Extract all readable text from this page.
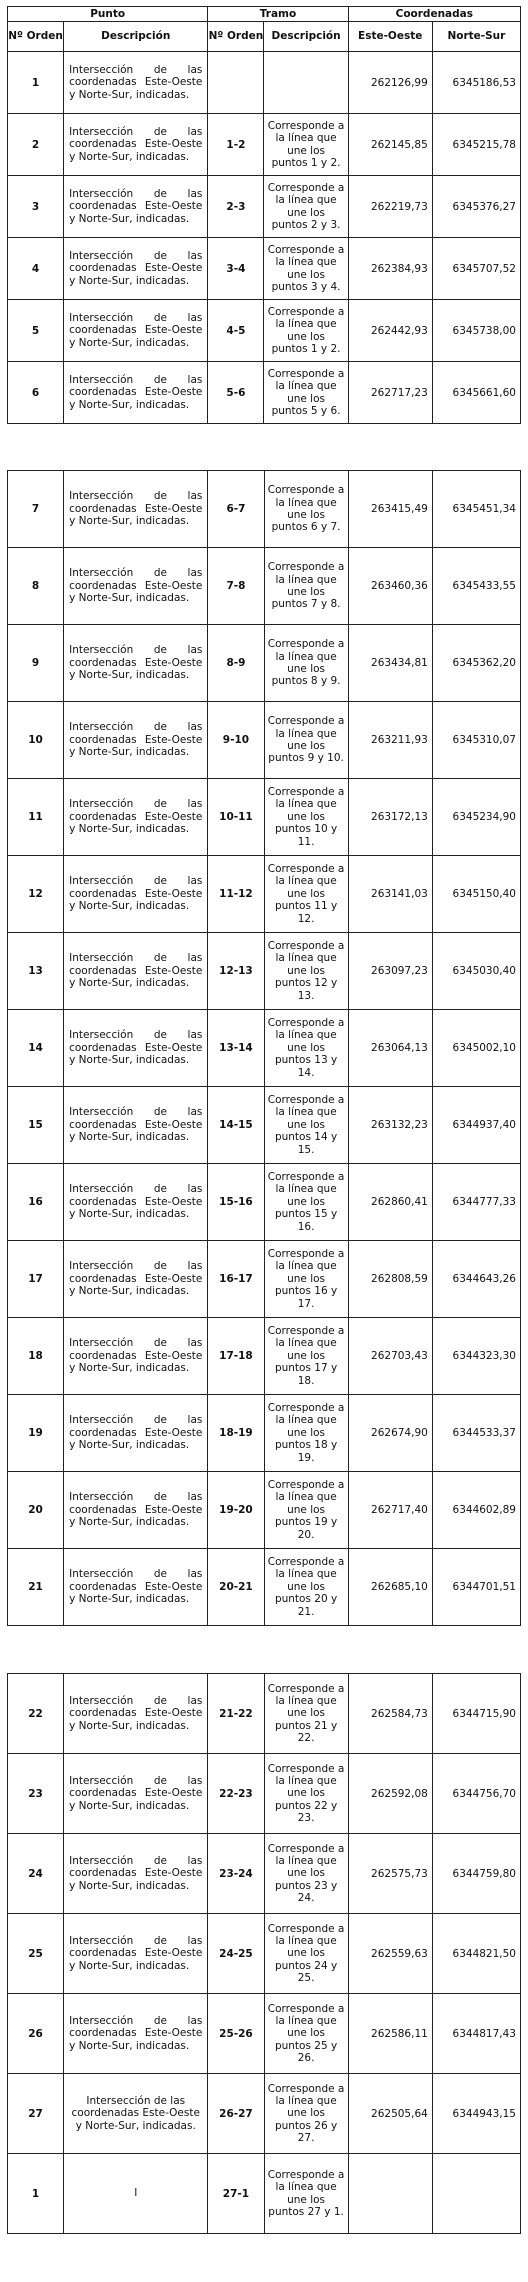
Punto		Tramo		Coordenadas	
Nº Orden	Descripción	Nº Orden	Descripción	Este-Oeste	Norte-Sur
1	Intersección de las coordenadas Este-Oeste y Norte-Sur, indicadas.			262126,99	6345186,53
2	Intersección de las coordenadas Este-Oeste y Norte-Sur, indicadas.	1-2	Corresponde a la línea que une los puntos 1 y 2.	262145,85	6345215,78
3	Intersección de las coordenadas Este-Oeste y Norte-Sur, indicadas.	2-3	Corresponde a la línea que une los puntos 2 y 3.	262219,73	6345376,27
4	Intersección de las coordenadas Este-Oeste y Norte-Sur, indicadas.	3-4	Corresponde a la línea que une los puntos 3 y 4.	262384,93	6345707,52
5	Intersección de las coordenadas Este-Oeste y Norte-Sur, indicadas.	4-5	Corresponde a la línea que une los puntos 1 y 2.	262442,93	6345738,00
6	Intersección de las coordenadas Este-Oeste y Norte-Sur, indicadas.	5-6	Corresponde a la línea que une los puntos 5 y 6.	262717,23	6345661,60
7	Intersección de las coordenadas Este-Oeste y Norte-Sur, indicadas.	6-7	Corresponde a la línea que une los puntos 6 y 7.	263415,49	6345451,34
8	Intersección de las coordenadas Este-Oeste y Norte-Sur, indicadas.	7-8	Corresponde a la línea que une los puntos 7 y 8.	263460,36	6345433,55
9	Intersección de las coordenadas Este-Oeste y Norte-Sur, indicadas.	8-9	Corresponde a la línea que une los puntos 8 y 9.	263434,81	6345362,20
10	Intersección de las coordenadas Este-Oeste y Norte-Sur, indicadas.	9-10	Corresponde a la línea que une los puntos 9 y 10.	263211,93	6345310,07
11	Intersección de las coordenadas Este-Oeste y Norte-Sur, indicadas.	10-11	Corresponde a la línea que une los puntos 10 y 11.	263172,13	6345234,90
12	Intersección de las coordenadas Este-Oeste y Norte-Sur, indicadas.	11-12	Corresponde a la línea que une los puntos 11 y 12.	263141,03	6345150,40
13	Intersección de las coordenadas Este-Oeste y Norte-Sur, indicadas.	12-13	Corresponde a la línea que une los puntos 12 y 13.	263097,23	6345030,40
14	Intersección de las coordenadas Este-Oeste y Norte-Sur, indicadas.	13-14	Corresponde a la línea que une los puntos 13 y 14.	263064,13	6345002,10
15	Intersección de las coordenadas Este-Oeste y Norte-Sur, indicadas.	14-15	Corresponde a la línea que une los puntos 14 y 15.	263132,23	6344937,40
16	Intersección de las coordenadas Este-Oeste y Norte-Sur, indicadas.	15-16	Corresponde a la línea que une los puntos 15 y 16.	262860,41	6344777,33
17	Intersección de las coordenadas Este-Oeste y Norte-Sur, indicadas.	16-17	Corresponde a la línea que une los puntos 16 y 17.	262808,59	6344643,26
18	Intersección de las coordenadas Este-Oeste y Norte-Sur, indicadas.	17-18	Corresponde a la línea que une los puntos 17 y 18.	262703,43	6344323,30
19	Intersección de las coordenadas Este-Oeste y Norte-Sur, indicadas.	18-19	Corresponde a la línea que une los puntos 18 y 19.	262674,90	6344533,37
20	Intersección de las coordenadas Este-Oeste y Norte-Sur, indicadas.	19-20	Corresponde a la línea que une los puntos 19 y 20.	262717,40	6344602,89
21	Intersección de las coordenadas Este-Oeste y Norte-Sur, indicadas.	20-21	Corresponde a la línea que une los puntos 20 y 21.	262685,10	6344701,51
22	Intersección de las coordenadas Este-Oeste y Norte-Sur, indicadas.	21-22	Corresponde a la línea que une los puntos 21 y 22.	262584,73	6344715,90
23	Intersección de las coordenadas Este-Oeste y Norte-Sur, indicadas.	22-23	Corresponde a la línea que une los puntos 22 y 23.	262592,08	6344756,70
24	Intersección de las coordenadas Este-Oeste y Norte-Sur, indicadas.	23-24	Corresponde a la línea que une los puntos 23 y 24.	262575,73	6344759,80
25	Intersección de las coordenadas Este-Oeste y Norte-Sur, indicadas.	24-25	Corresponde a la línea que une los puntos 24 y 25.	262559,63	6344821,50
26	Intersección de las coordenadas Este-Oeste y Norte-Sur, indicadas.	25-26	Corresponde a la línea que une los puntos 25 y 26.	262586,11	6344817,43
27	Intersección de las coordenadas Este-Oeste y Norte-Sur, indicadas.	26-27	Corresponde a la línea que une los puntos 26 y 27.	262505,64	6344943,15
1	I	27-1	Corresponde a la línea que une los puntos 27 y 1.		
